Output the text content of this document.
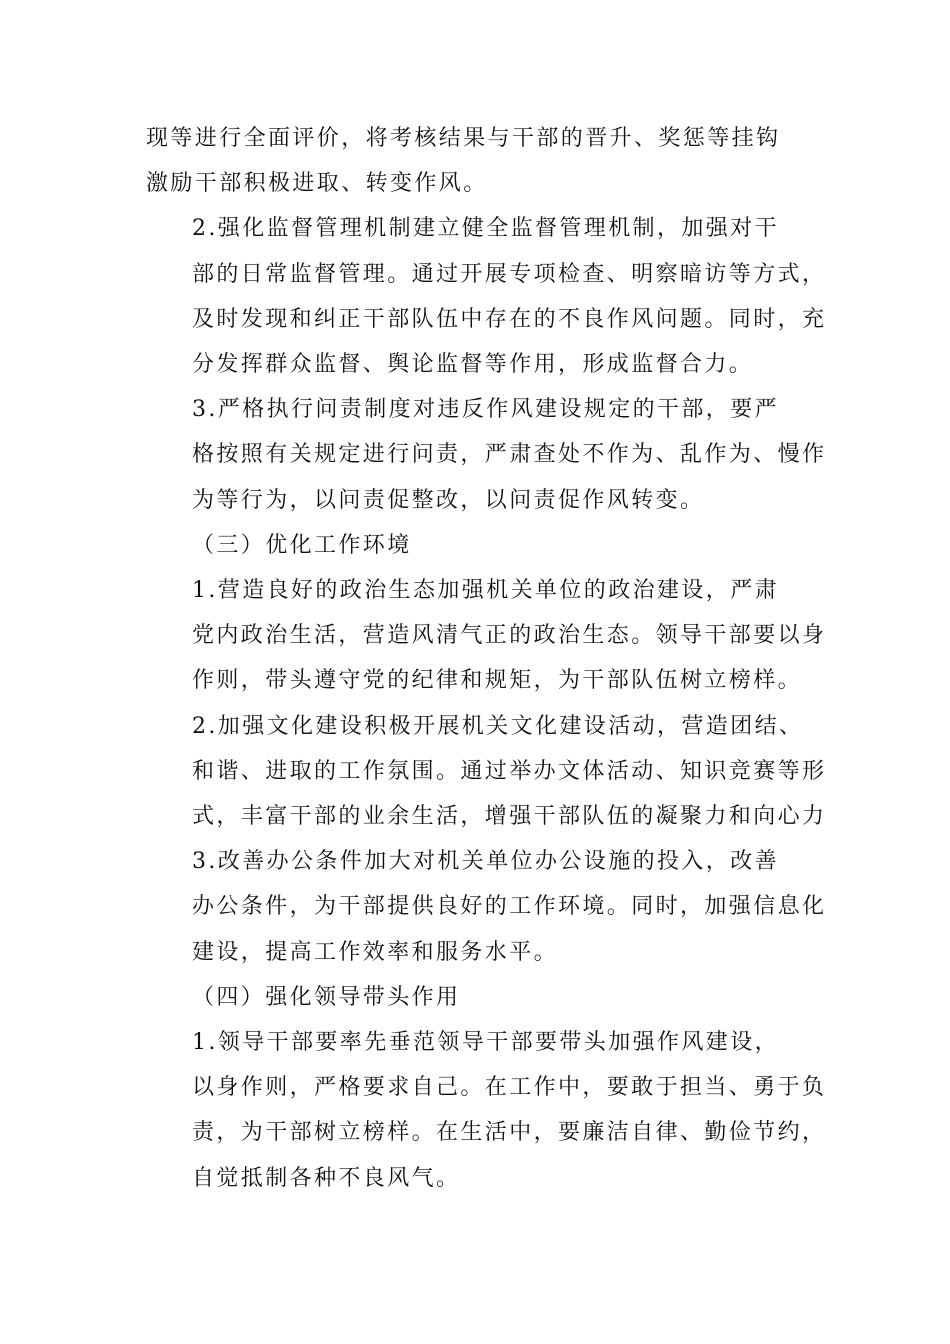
现等进行全面评价，将考核结果与干部的晋升、奖惩等挂钩
激励干部积极进取、转变作风。

2.强化监督管理机制建立健全监督管理机制，加强对干
部的日常监督管理。通过开展专项检查、明察暗访等方式，
及时发现和纠正干部队伍中存在的不良作风问题。同时，充
分发挥群众监督、舆论监督等作用，形成监督合力。

3.严格执行问责制度对违反作风建设规定的干部，要严
格按照有关规定进行问责，严肃查处不作为、乱作为、慢作
为等行为，以问责促整改，以问责促作风转变。

（三）优化工作环境

1.营造良好的政治生态加强机关单位的政治建设，严肃
党内政治生活，营造风清气正的政治生态。领导干部要以身
作则，带头遵守党的纪律和规矩，为干部队伍树立榜样。

2.加强文化建设积极开展机关文化建设活动，营造团结、
和谐、进取的工作氛围。通过举办文体活动、知识竞赛等形
式，丰富干部的业余生活，增强干部队伍的凝聚力和向心力

3.改善办公条件加大对机关单位办公设施的投入，改善
办公条件，为干部提供良好的工作环境。同时，加强信息化
建设，提高工作效率和服务水平。

（四）强化领导带头作用

1.领导干部要率先垂范领导干部要带头加强作风建设，
以身作则，严格要求自己。在工作中，要敢于担当、勇于负
责，为干部树立榜样。在生活中，要廉洁自律、勤俭节约，
自觉抵制各种不良风气。
